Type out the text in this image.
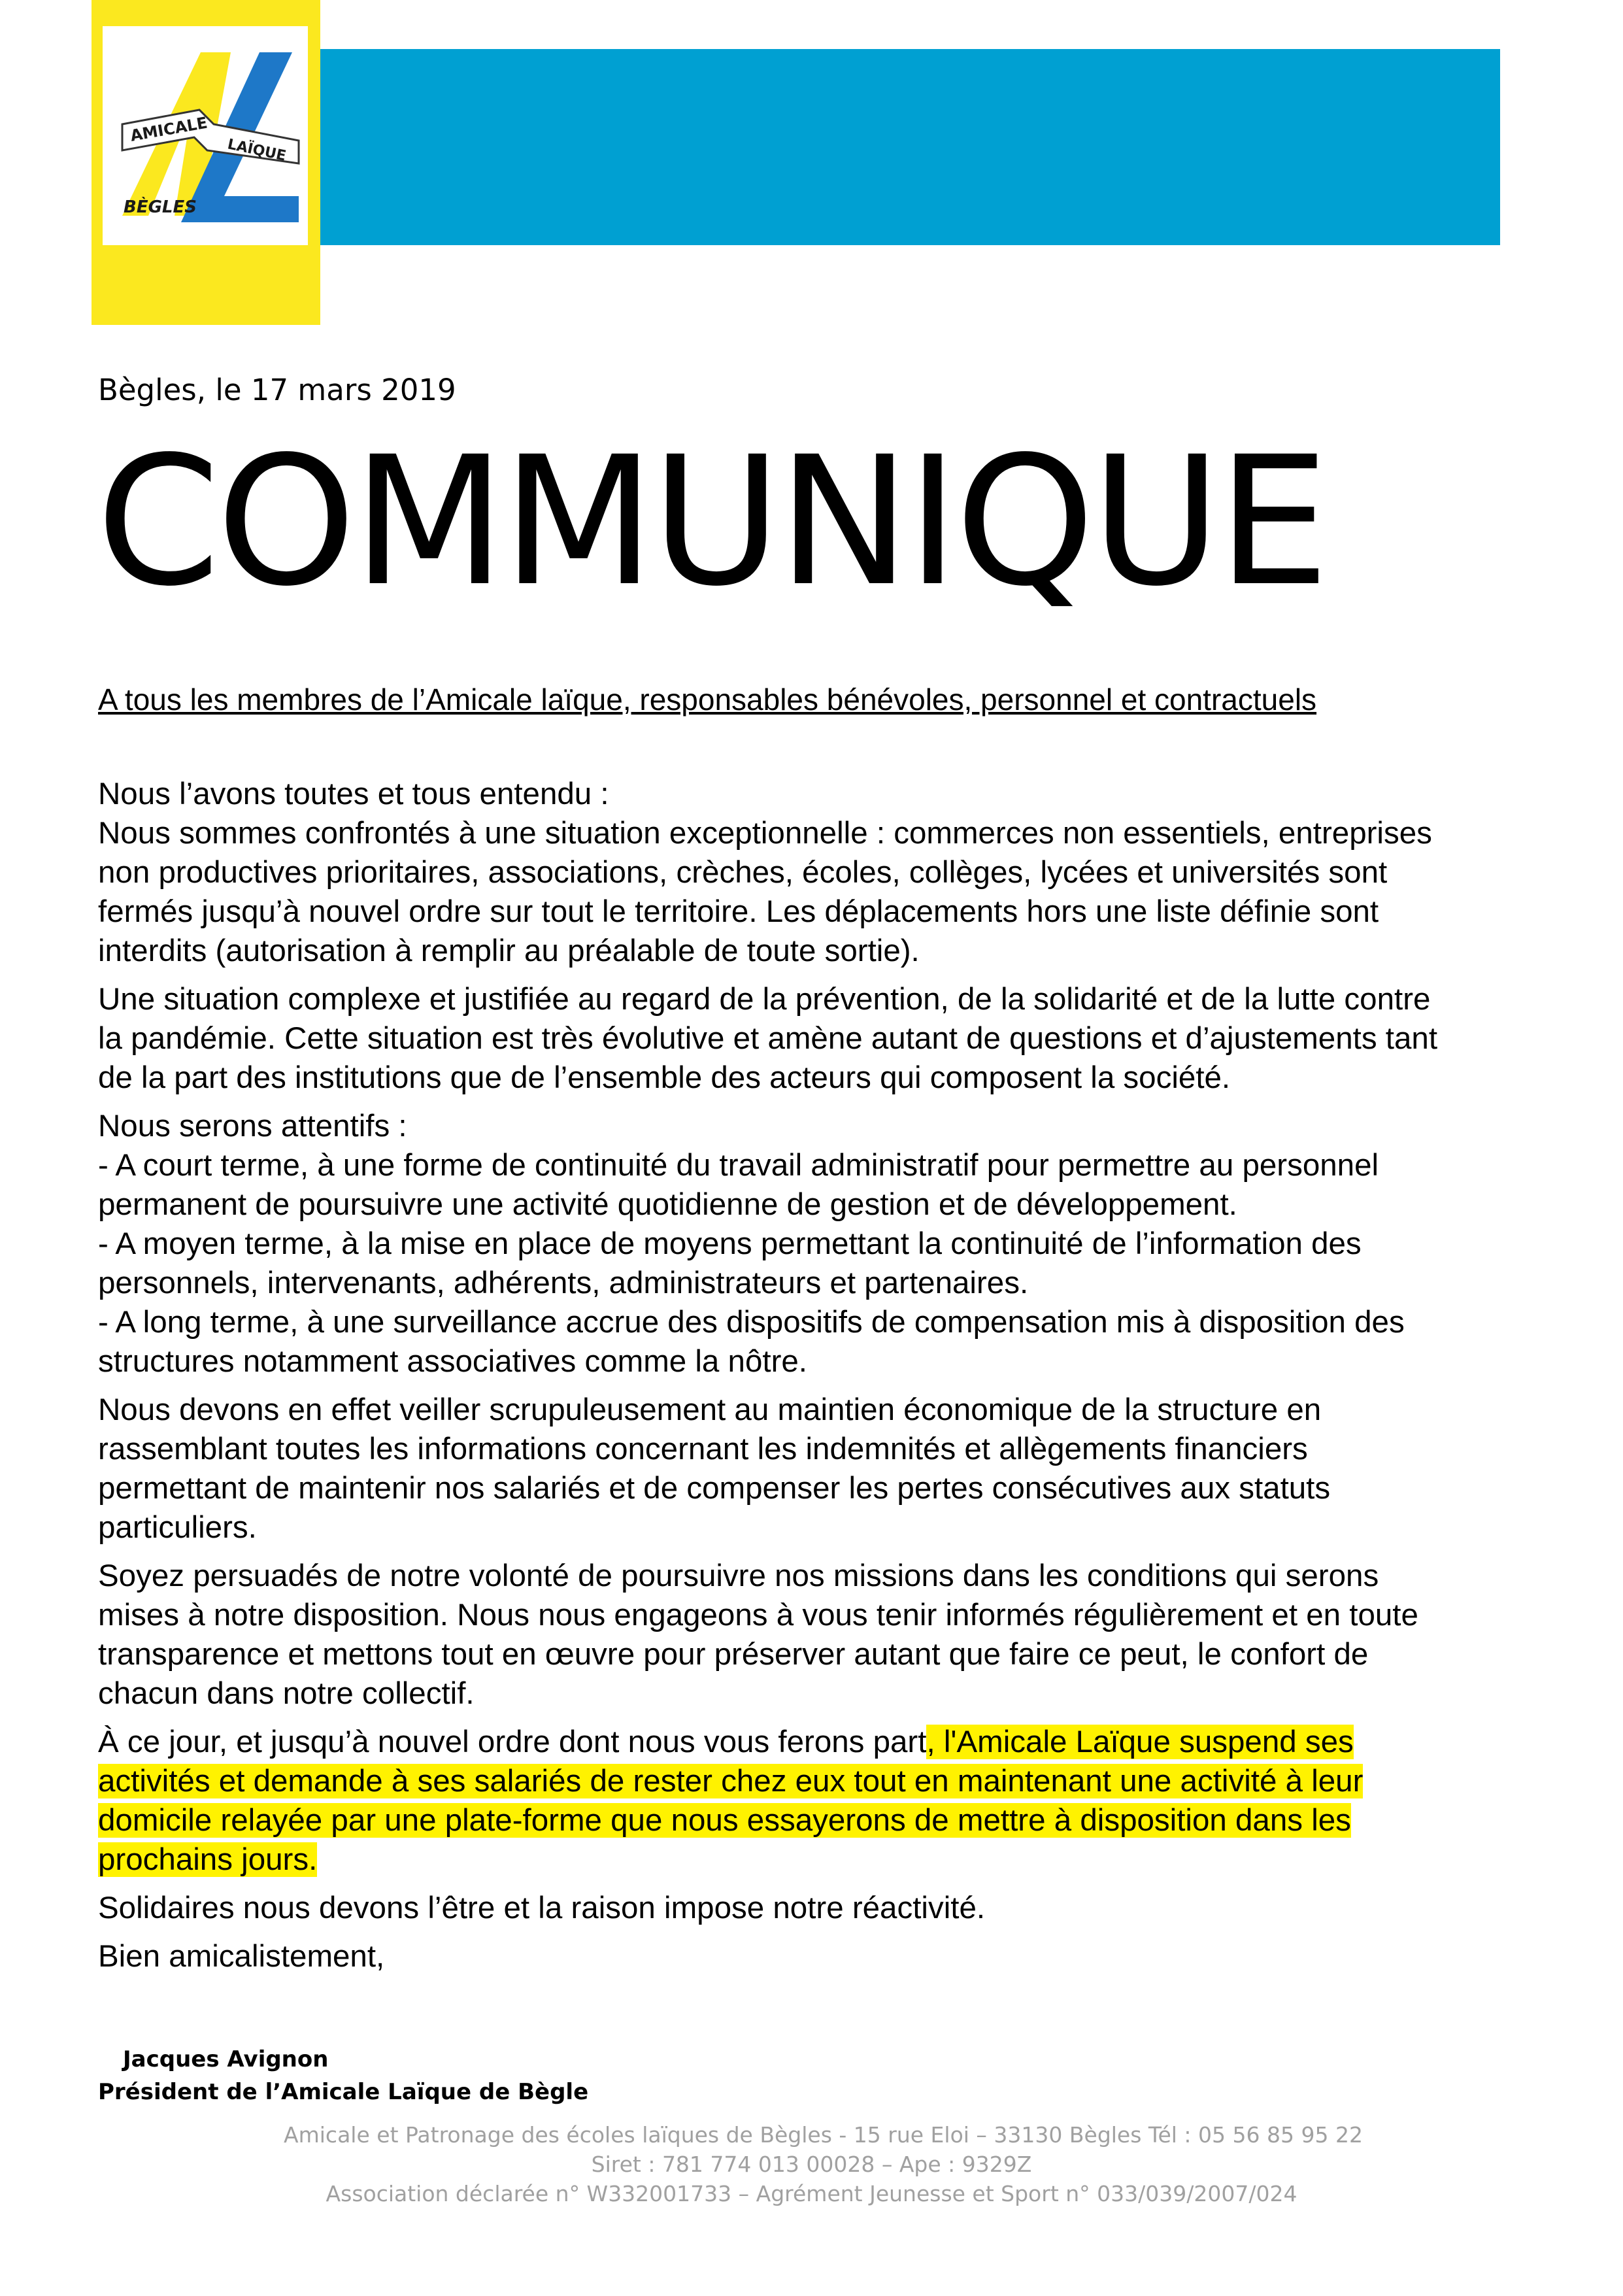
AMICALE
LAÏQUE
BÈGLES
Bègles, le 17 mars 2019
COMMUNIQUE
A tous les membres de l’Amicale laïque, responsables bénévoles, personnel et contractuels

Nous l’avons toutes et tous entendu :
Nous sommes confrontés à une situation exceptionnelle : commerces non essentiels, entreprises
non productives prioritaires, associations, crèches, écoles, collèges, lycées et universités sont
fermés jusqu’à nouvel ordre sur tout le territoire. Les déplacements hors une liste définie sont
interdits (autorisation à remplir au préalable de toute sortie).

Une situation complexe et justifiée au regard de la prévention, de la solidarité et de la lutte contre
la pandémie. Cette situation est très évolutive et amène autant de questions et d’ajustements tant
de la part des institutions que de l’ensemble des acteurs qui composent la société.

Nous serons attentifs :
- A court terme, à une forme de continuité du travail administratif pour permettre au personnel
permanent de poursuivre une activité quotidienne de gestion et de développement.
- A moyen terme, à la mise en place de moyens permettant la continuité de l’information des
personnels, intervenants, adhérents, administrateurs et partenaires.
- A long terme, à une surveillance accrue des dispositifs de compensation mis à disposition des
structures notamment associatives comme la nôtre.

Nous devons en effet veiller scrupuleusement au maintien économique de la structure en
rassemblant toutes les informations concernant les indemnités et allègements financiers
permettant de maintenir nos salariés et de compenser les pertes consécutives aux statuts
particuliers.

Soyez persuadés de notre volonté de poursuivre nos missions dans les conditions qui serons
mises à notre disposition. Nous nous engageons à vous tenir informés régulièrement et en toute
transparence et mettons tout en œuvre pour préserver autant que faire ce peut, le confort de
chacun dans notre collectif.

À ce jour, et jusqu’à nouvel ordre dont nous vous ferons part, l'Amicale Laïque suspend ses
activités et demande à ses salariés de rester chez eux tout en maintenant une activité à leur
domicile relayée par une plate-forme que nous essayerons de mettre à disposition dans les
prochains jours.

Solidaires nous devons l’être et la raison impose notre réactivité.

Bien amicalistement,

Jacques Avignon
Président de l’Amicale Laïque de Bègle
Amicale et Patronage des écoles laïques de Bègles - 15 rue Eloi – 33130 Bègles Tél : 05 56 85 95 22
Siret : 781 774 013 00028 – Ape : 9329Z
Association déclarée n° W332001733 – Agrément Jeunesse et Sport n° 033/039/2007/024
